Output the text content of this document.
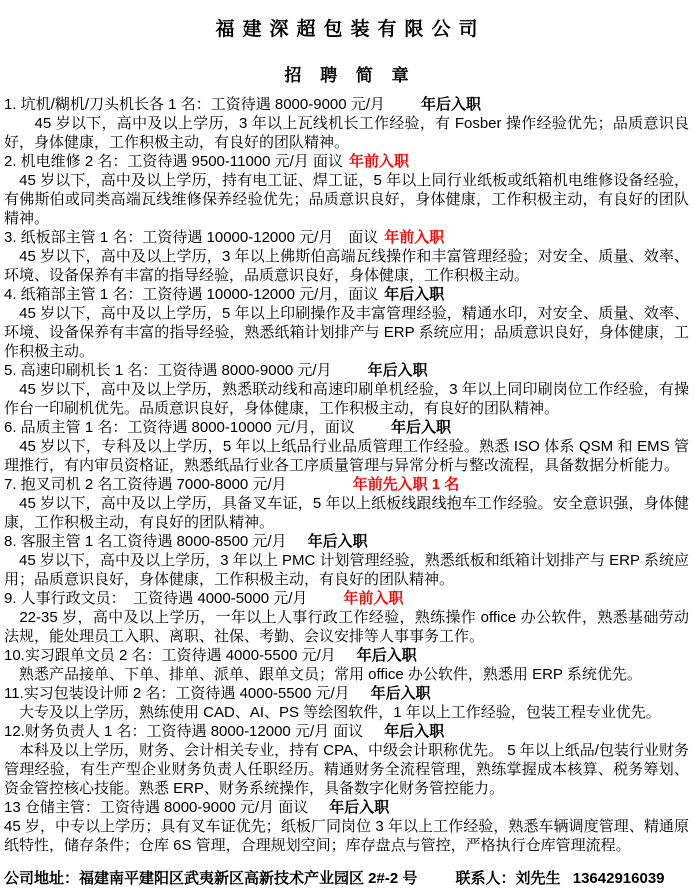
福建深超包装有限公司
招 聘 简 章
1. 坑机/糊机/刀头机长各 1 名：工资待遇 8000-9000 元/月　　年后入职
　　45 岁以下，高中及以上学历，3 年以上瓦线机长工作经验，有 Fosber 操作经验优先；品质意识良好，身体健康，工作积极主动，有良好的团队精神。
2. 机电维修 2 名：工资待遇 9500-11000 元/月 面议 年前入职
　45 岁以下，高中及以上学历，持有电工证、焊工证，5 年以上同行业纸板或纸箱机电维修设备经验，有佛斯伯或同类高端瓦线维修保养经验优先；品质意识良好，身体健康，工作积极主动，有良好的团队精神。
3. 纸板部主管 1 名：工资待遇 10000-12000 元/月　面议 年前入职
　45 岁以下，高中及以上学历，3 年以上佛斯伯高端瓦线操作和丰富管理经验；对安全、质量、效率、环境、设备保养有丰富的指导经验，品质意识良好，身体健康，工作积极主动。
4. 纸箱部主管 1 名：工资待遇 10000-12000 元/月，面议 年后入职
　45 岁以下，高中及以上学历，5 年以上印刷操作及丰富管理经验，精通水印，对安全、质量、效率、环境、设备保养有丰富的指导经验，熟悉纸箱计划排产与 ERP 系统应用；品质意识良好，身体健康，工作积极主动。
5. 高速印刷机长 1 名：工资待遇 8000-9000 元/月　　年后入职
　45 岁以下，高中及以上学历，熟悉联动线和高速印刷单机经验，3 年以上同印刷岗位工作经验，有操作台一印刷机优先。品质意识良好，身体健康，工作积极主动，有良好的团队精神。
6. 品质主管 1 名：工资待遇 8000-10000 元/月，面议　　年后入职
　45 岁以下，专科及以上学历，5 年以上纸品行业品质管理工作经验。熟悉 ISO 体系 QSM 和 EMS 管理推行，有内审员资格证，熟悉纸品行业各工序质量管理与异常分析与整改流程，具备数据分析能力。
7. 抱叉司机 2 名工资待遇 7000-8000 元/月　　　　年前先入职 1 名
　45 岁以下，高中及以上学历，具备叉车证，5 年以上纸板线跟线抱车工作经验。安全意识强，身体健康，工作积极主动，有良好的团队精神。
8. 客服主管 1 名工资待遇 8000-8500 元/月　年后入职
　45 岁以下，高中及以上学历，3 年以上 PMC 计划管理经验，熟悉纸板和纸箱计划排产与 ERP 系统应用；品质意识良好，身体健康，工作积极主动，有良好的团队精神。
9. 人事行政文员：　工资待遇 4000-5000 元/月　　年前入职
　22-35 岁，高中及以上学历，一年以上人事行政工作经验，熟练操作 office 办公软件，熟悉基础劳动法规，能处理员工入职、离职、社保、考勤、会议安排等人事事务工作。
10.实习跟单文员 2 名：工资待遇 4000-5500 元/月　年后入职
　熟悉产品接单、下单、排单、派单、跟单文员；常用 office 办公软件，熟悉用 ERP 系统优先。
11.实习包装设计师 2 名：工资待遇 4000-5500 元/月　年后入职
　大专及以上学历，熟练使用 CAD、AI、PS 等绘图软件，1 年以上工作经验，包装工程专业优先。
12.财务负责人 1 名：工资待遇 8000-12000 元/月 面议　年后入职
　本科及以上学历，财务、会计相关专业，持有 CPA、中级会计职称优先。 5 年以上纸品/包装行业财务管理经验，有生产型企业财务负责人任职经历。精通财务全流程管理，熟练掌握成本核算、税务筹划、资金管控核心技能。熟悉 ERP、财务系统操作，具备数字化财务管控能力。
13 仓储主管：工资待遇 8000-9000 元/月 面议　年后入职
45 岁，中专以上学历；具有叉车证优先；纸板厂同岗位 3 年以上工作经验，熟悉车辆调度管理、精通原纸特性，储存条件；仓库 6S 管理，合理规划空间；库存盘点与管控，严格执行仓库管理流程。
公司地址：福建南平建阳区武夷新区高新技术产业园区 2#-2 号	联系人：刘先生 13642916039
